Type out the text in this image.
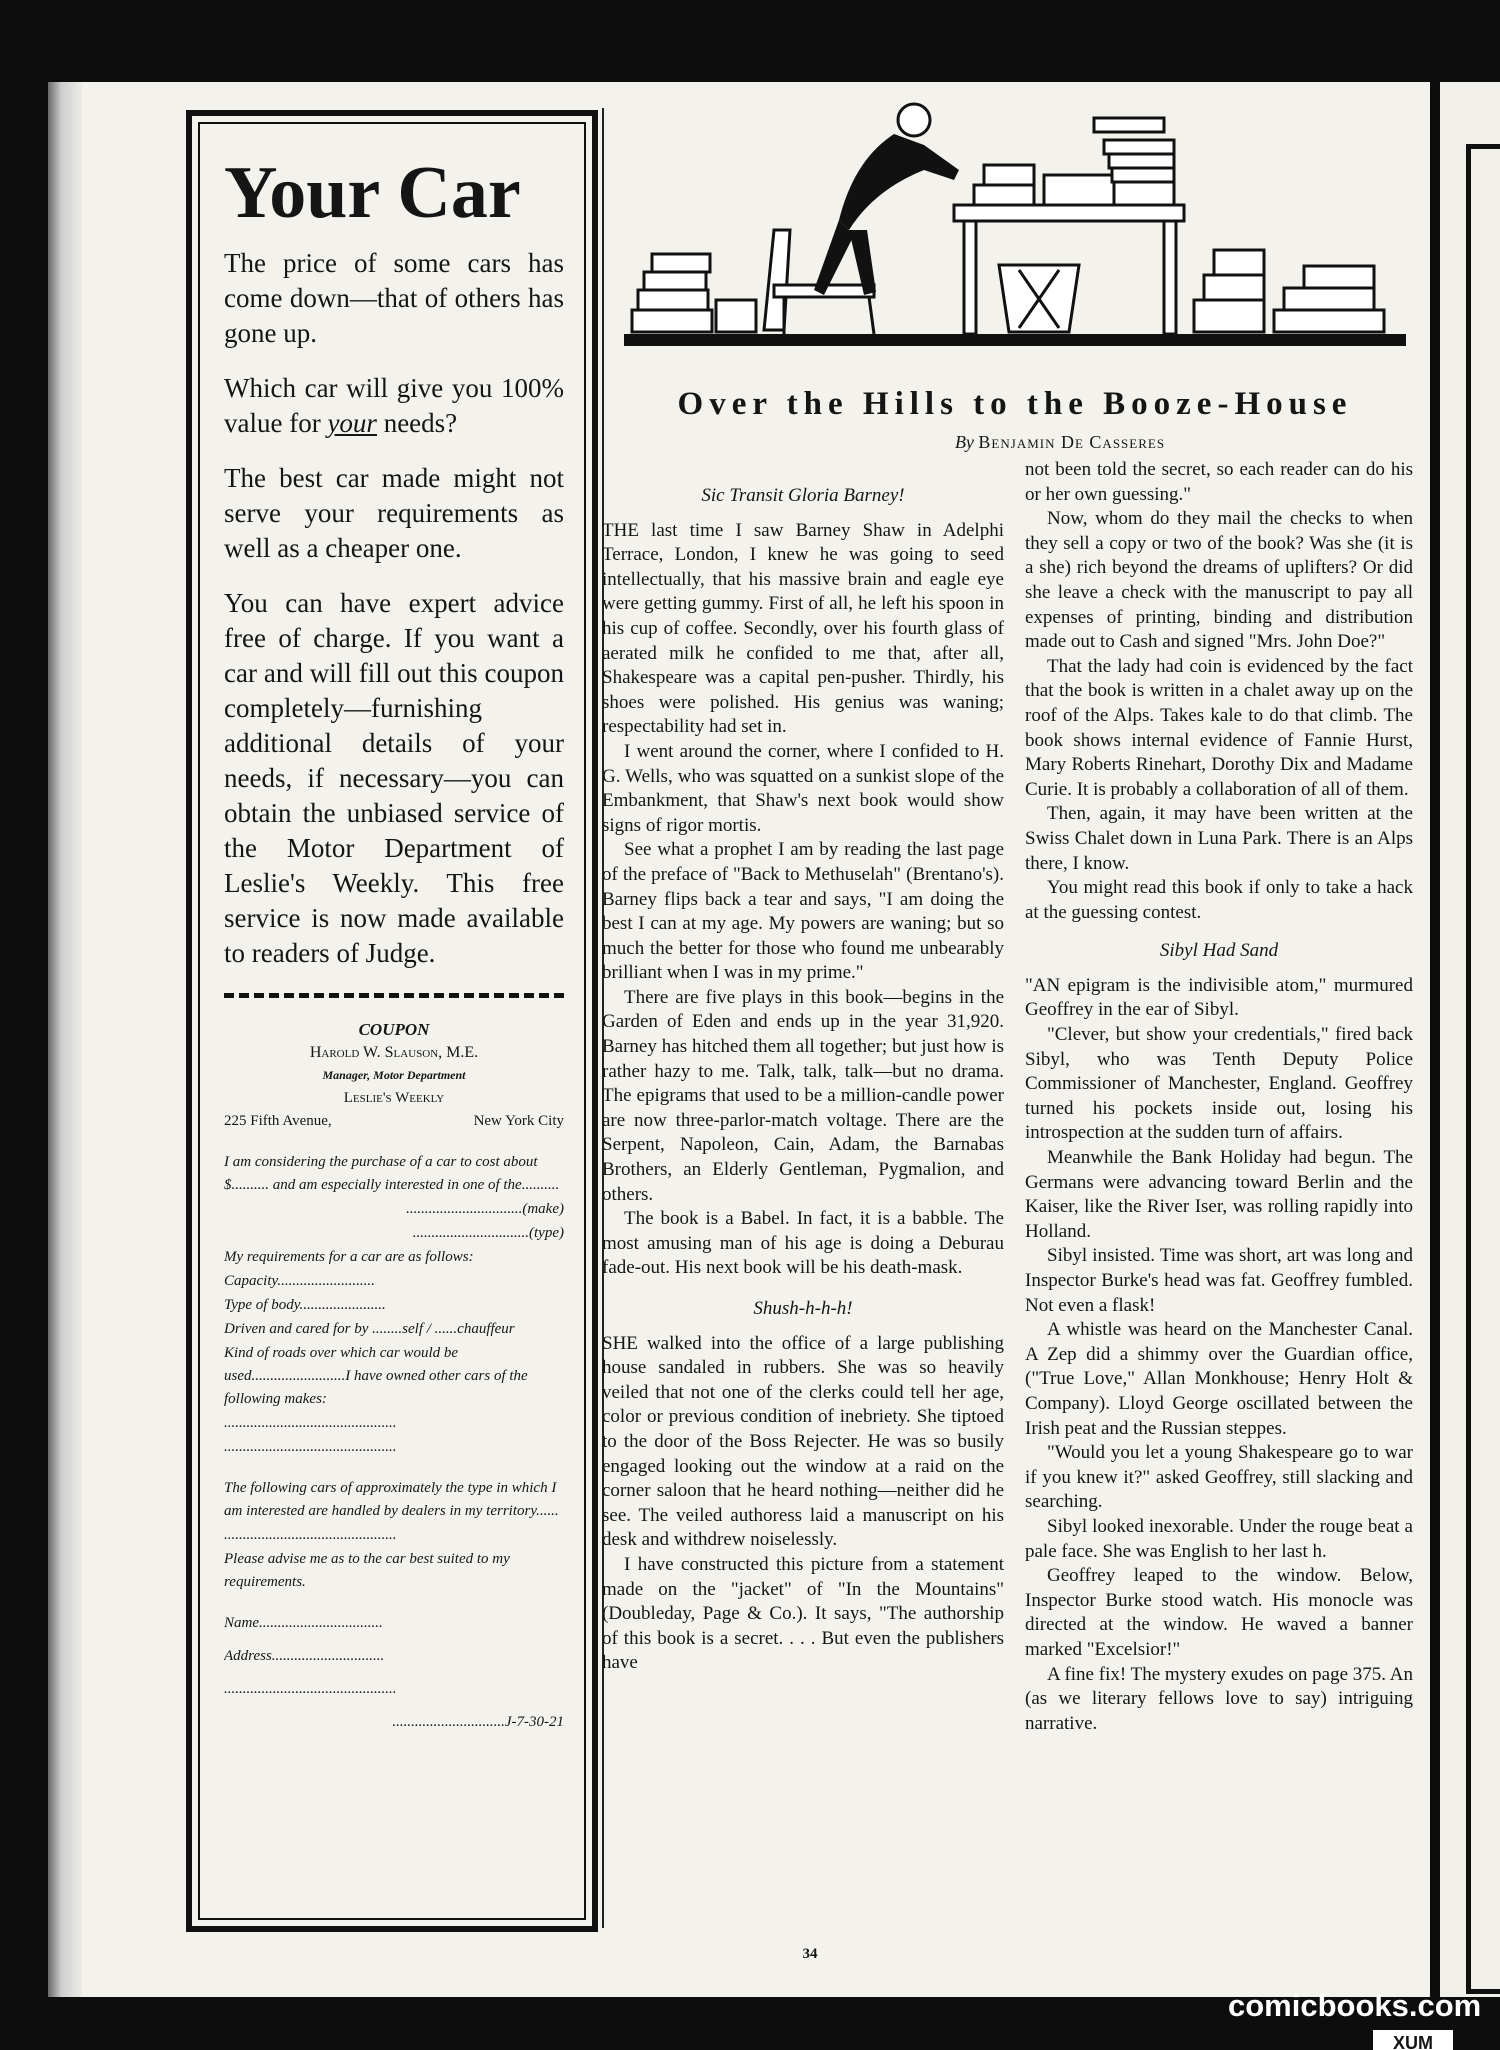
Your Car

The price of some cars has come down—that of others has gone up.

Which car will give you 100% value for your needs?

The best car made might not serve your requirements as well as a cheaper one.

You can have expert advice free of charge. If you want a car and will fill out this coupon completely—furnishing additional details of your needs, if necessary—you can obtain the unbiased service of the Motor Department of Leslie's Weekly. This free service is now made available to readers of Judge.

COUPON
Harold W. Slauson, M.E.
Manager, Motor Department
Leslie's Weekly
225 Fifth Avenue,	New York City
I am considering the purchase of a car to cost about $.......... and am especially interested in one of the..........
...............................(make)
...............................(type)
My requirements for a car are as follows:
Capacity..........................
Type of body.......................
Driven and cared for by ........self / ......chauffeur
Kind of roads over which car would be used.........................I have owned other cars of the following makes:
..............................................
..............................................
The following cars of approximately the type in which I am interested are handled by dealers in my territory......
..............................................
Please advise me as to the car best suited to my requirements.
Name.................................
Address..............................
..............................................
..............................J-7-30-21
Over the Hills to the Booze-House
By Benjamin De Casseres

Sic Transit Gloria Barney!

THE last time I saw Barney Shaw in Adelphi Terrace, London, I knew he was going to seed intellectually, that his massive brain and eagle eye were getting gummy. First of all, he left his spoon in his cup of coffee. Secondly, over his fourth glass of aerated milk he confided to me that, after all, Shakespeare was a capital pen-pusher. Thirdly, his shoes were polished. His genius was waning; respectability had set in.

I went around the corner, where I confided to H. G. Wells, who was squatted on a sunkist slope of the Embankment, that Shaw's next book would show signs of rigor mortis.

See what a prophet I am by reading the last page of the preface of "Back to Methuselah" (Brentano's). Barney flips back a tear and says, "I am doing the best I can at my age. My powers are waning; but so much the better for those who found me unbearably brilliant when I was in my prime."

There are five plays in this book—begins in the Garden of Eden and ends up in the year 31,920. Barney has hitched them all together; but just how is rather hazy to me. Talk, talk, talk—but no drama. The epigrams that used to be a million-candle power are now three-parlor-match voltage. There are the Serpent, Napoleon, Cain, Adam, the Barnabas Brothers, an Elderly Gentleman, Pygmalion, and others.

The book is a Babel. In fact, it is a babble. The most amusing man of his age is doing a Deburau fade-out. His next book will be his death-mask.

Shush-h-h-h!

SHE walked into the office of a large publishing house sandaled in rubbers. She was so heavily veiled that not one of the clerks could tell her age, color or previous condition of inebriety. She tiptoed to the door of the Boss Rejecter. He was so busily engaged looking out the window at a raid on the corner saloon that he heard nothing—neither did he see. The veiled authoress laid a manuscript on his desk and withdrew noiselessly.

I have constructed this picture from a statement made on the "jacket" of "In the Mountains" (Doubleday, Page & Co.). It says, "The authorship of this book is a secret. . . . But even the publishers have

not been told the secret, so each reader can do his or her own guessing."

Now, whom do they mail the checks to when they sell a copy or two of the book? Was she (it is a she) rich beyond the dreams of uplifters? Or did she leave a check with the manuscript to pay all expenses of printing, binding and distribution made out to Cash and signed "Mrs. John Doe?"

That the lady had coin is evidenced by the fact that the book is written in a chalet away up on the roof of the Alps. Takes kale to do that climb. The book shows internal evidence of Fannie Hurst, Mary Roberts Rinehart, Dorothy Dix and Madame Curie. It is probably a collaboration of all of them.

Then, again, it may have been written at the Swiss Chalet down in Luna Park. There is an Alps there, I know.

You might read this book if only to take a hack at the guessing contest.

Sibyl Had Sand

"AN epigram is the indivisible atom," murmured Geoffrey in the ear of Sibyl.

"Clever, but show your credentials," fired back Sibyl, who was Tenth Deputy Police Commissioner of Manchester, England. Geoffrey turned his pockets inside out, losing his introspection at the sudden turn of affairs.

Meanwhile the Bank Holiday had begun. The Germans were advancing toward Berlin and the Kaiser, like the River Iser, was rolling rapidly into Holland.

Sibyl insisted. Time was short, art was long and Inspector Burke's head was fat. Geoffrey fumbled. Not even a flask!

A whistle was heard on the Manchester Canal. A Zep did a shimmy over the Guardian office, ("True Love," Allan Monkhouse; Henry Holt & Company). Lloyd George oscillated between the Irish peat and the Russian steppes.

"Would you let a young Shakespeare go to war if you knew it?" asked Geoffrey, still slacking and searching.

Sibyl looked inexorable. Under the rouge beat a pale face. She was English to her last h.

Geoffrey leaped to the window. Below, Inspector Burke stood watch. His monocle was directed at the window. He waved a banner marked "Excelsior!"

A fine fix! The mystery exudes on page 375. An (as we literary fellows love to say) intriguing narrative.

34
comicbooks.com
XUM
